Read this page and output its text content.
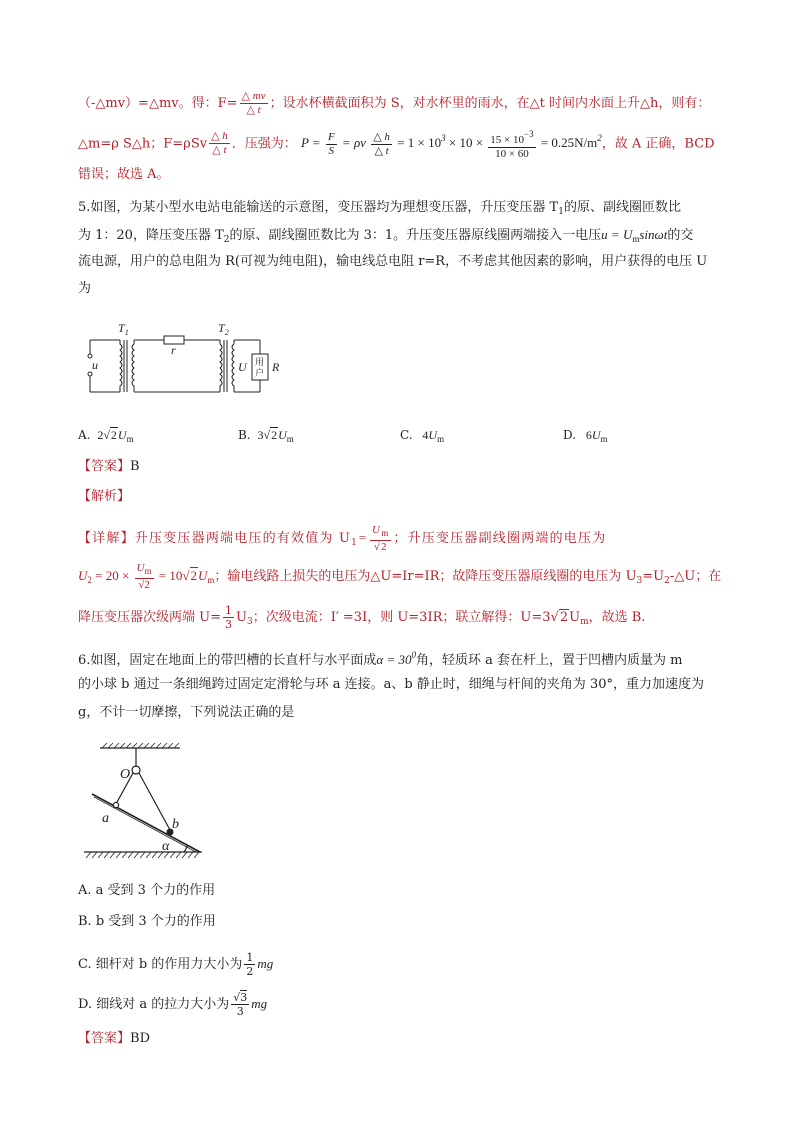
（-△mv）=△mv。得：$F= \frac{\triangle mv}{\triangle t}$ ；设水杯横截面积为 S，对水杯里的雨水，在△t 时间内水面上升△h，则有：
△m=ρ S△h；$F=\rho Sv \frac{\triangle h}{\triangle t}$ ．压强为： $P = \frac{F}{S} = \rho v \frac{\triangle h}{\triangle t} = 1 \times 10^3 \times 10 \times \frac{15 \times 10^{-3}}{10 \times 60} = 0.25N/m^2$，故 A 正确，BCD
错误；故选 A。
5.如图，为某小型水电站电能输送的示意图，变压器均为理想变压器，升压变压器 $T_1$的原、副线圈匝数比
为 1：20，降压变压器 $T_2$的原、副线圈匝数比为 3：1。升压变压器原线圈两端接入一电压$u = U_m\sin\omega t$的交
流电源，用户的总电阻为 R(可视为纯电阻)，输电线总电阻 r=R，不考虑其他因素的影响，用户获得的电压 U
为
$T_1$	$T_2$
r
u	U R
用
户
A. $2√2U_m$	B. $3√2U_m$	C. $4U_m$	D. $6U_m$
【答案】B
【解析】
【详解】升压变压器两端电压的有效值为 $U_1= \frac{U_m}{√2}$ ；升压变压器副线圈两端的电压为
$U_2 = 20 \times \frac{U_m}{√2} = 10√2U_m$；输电线路上损失的电压为△U=Ir=IR；故降压变压器原线圈的电压为 $U_3=U_2-\triangle U$；在
降压变压器次级两端 $U= \frac{1}{3} U_3$；次级电流：I′ =3I，则 U=3IR；联立解得：$U=3√2U_m$，故选 B.
6.如图，固定在地面上的带凹槽的长直杆与水平面成$\alpha = 30^0$角，轻质环 a 套在杆上，置于凹槽内质量为 m
的小球 b 通过一条细绳跨过固定定滑轮与环 a 连接。a、b 静止时，细绳与杆间的夹角为 30°，重力加速度为
g，不计一切摩擦，下列说法正确的是
O
a	b
α
A. a 受到 3 个力的作用
B. b 受到 3 个力的作用
C. 细杆对 b 的作用力大小为 $\frac{1}{2}$ mg
D. 细线对 a 的拉力大小为 $\frac{√3}{3}$ mg
【答案】BD
